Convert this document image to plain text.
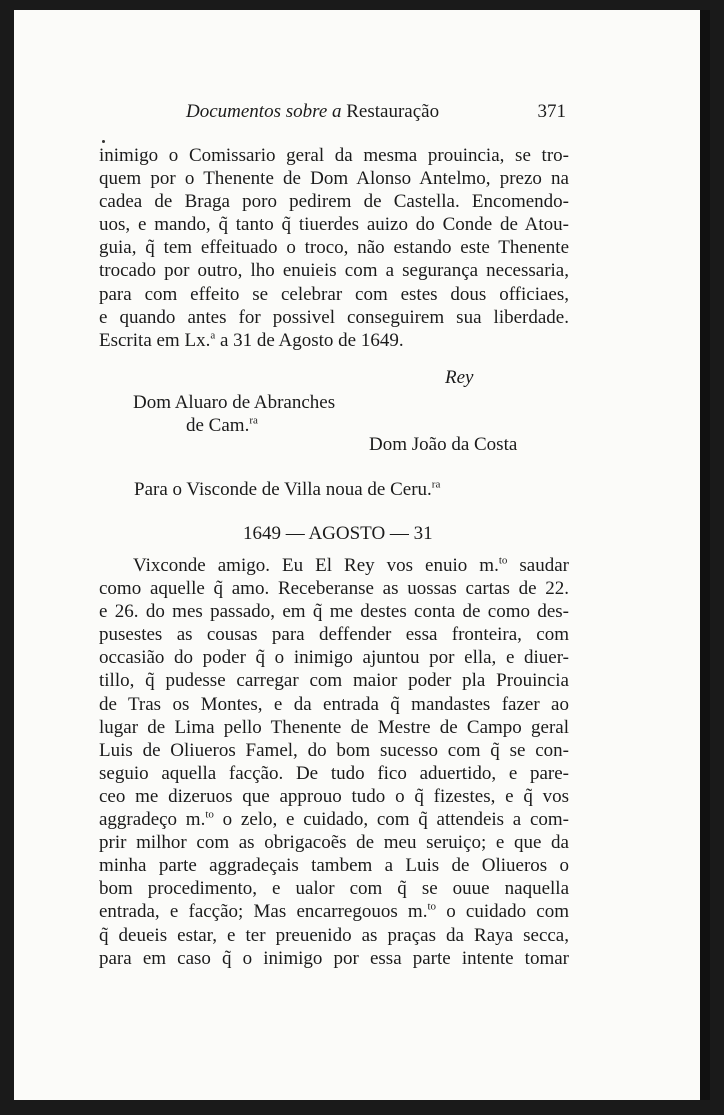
Documentos sobre a Restauração	371
inimigo o Comissario geral da mesma prouincia, se tro-
quem por o Thenente de Dom Alonso Antelmo, prezo na
cadea de Braga poro pedirem de Castella. Encomendo-
uos, e mando, q̃ tanto q̃ tiuerdes auizo do Conde de Atou-
guia, q̃ tem effeituado o troco, não estando este Thenente
trocado por outro, lho enuieis com a segurança necessaria,
para com effeito se celebrar com estes dous officiaes,
e quando antes for possivel conseguirem sua liberdade.
Escrita em Lx.$^a$ a 31 de Agosto de 1649.
Rey
Dom Aluaro de Abranches
de Cam.$^{ra}$
Dom João da Costa
Para o Visconde de Villa noua de Ceru.$^{ra}$
1649 — AGOSTO — 31
Vixconde amigo. Eu El Rey vos enuio m.$^{to}$ saudar
como aquelle q̃ amo. Receberanse as uossas cartas de 22.
e 26. do mes passado, em q̃ me destes conta de como des-
pusestes as cousas para deffender essa fronteira, com
occasião do poder q̃ o inimigo ajuntou por ella, e diuer-
tillo, q̃ pudesse carregar com maior poder pla Prouincia
de Tras os Montes, e da entrada q̃ mandastes fazer ao
lugar de Lima pello Thenente de Mestre de Campo geral
Luis de Oliueros Famel, do bom sucesso com q̃ se con-
seguio aquella facção. De tudo fico aduertido, e pare-
ceo me dizeruos que approuo tudo o q̃ fizestes, e q̃ vos
aggradeço m.$^{to}$ o zelo, e cuidado, com q̃ attendeis a com-
prir milhor com as obrigacoẽs de meu seruiço; e que da
minha parte aggradeçais tambem a Luis de Oliueros o
bom procedimento, e ualor com q̃ se ouue naquella
entrada, e facção; Mas encarregouos m.$^{to}$ o cuidado com
q̃ deueis estar, e ter preuenido as praças da Raya secca,
para em caso q̃ o inimigo por essa parte intente tomar
